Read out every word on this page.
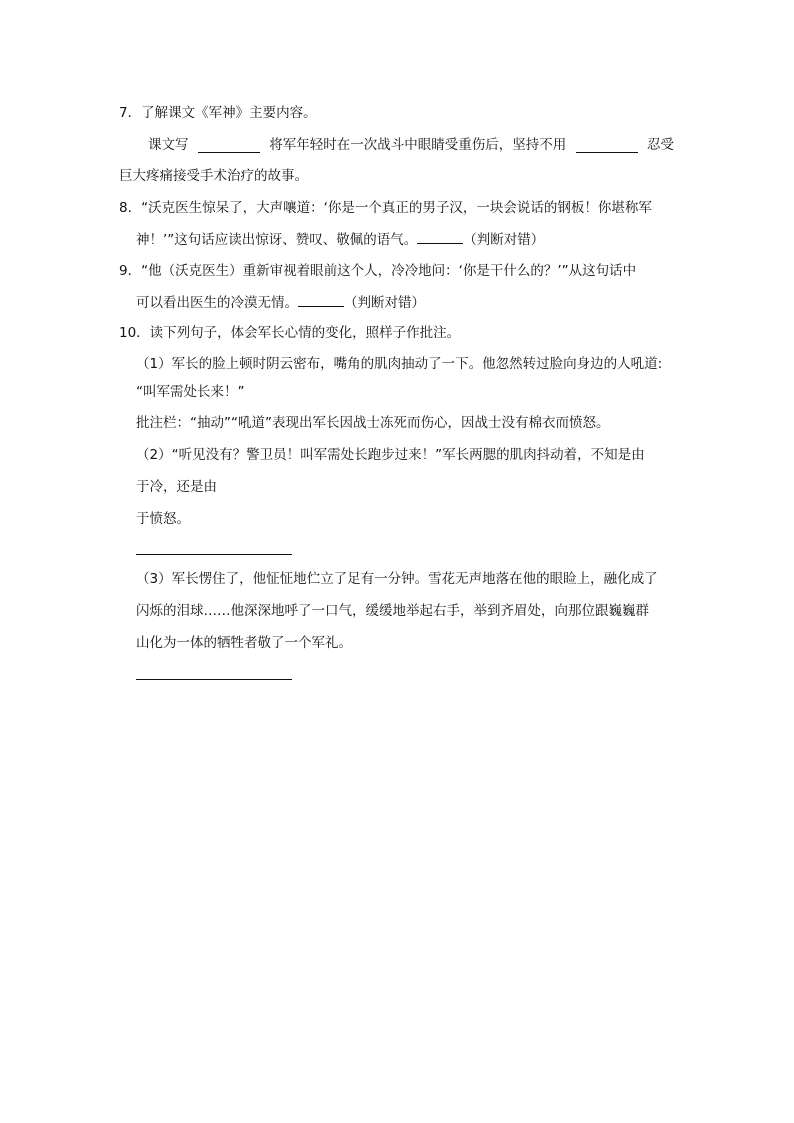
7．了解课文《军神》主要内容。
课文写	将军年轻时在一次战斗中眼睛受重伤后，坚持不用	忍受
巨大疼痛接受手术治疗的故事。
8．“沃克医生惊呆了，大声嚷道：‘你是一个真正的男子汉，一块会说话的钢板！你堪称军
神！’”这句话应读出惊讶、赞叹、敬佩的语气。	（判断对错）
9．“他（沃克医生）重新审视着眼前这个人，冷冷地问：‘你是干什么的？’”从这句话中
可以看出医生的冷漠无情。	（判断对错）
10．读下列句子，体会军长心情的变化，照样子作批注。
（1）军长的脸上顿时阴云密布，嘴角的肌肉抽动了一下。他忽然转过脸向身边的人吼道:
“叫军需处长来！”
批注栏：“抽动”“吼道”表现出军长因战士冻死而伤心，因战士没有棉衣而愤怒。
（2）“听见没有？警卫员！叫军需处长跑步过来！”军长两腮的肌肉抖动着，不知是由
于冷，还是由
于愤怒。
（3）军长愣住了，他怔怔地伫立了足有一分钟。雪花无声地落在他的眼睑上，融化成了
闪烁的泪球……他深深地呼了一口气，缓缓地举起右手，举到齐眉处，向那位跟巍巍群
山化为一体的牺牲者敬了一个军礼。
